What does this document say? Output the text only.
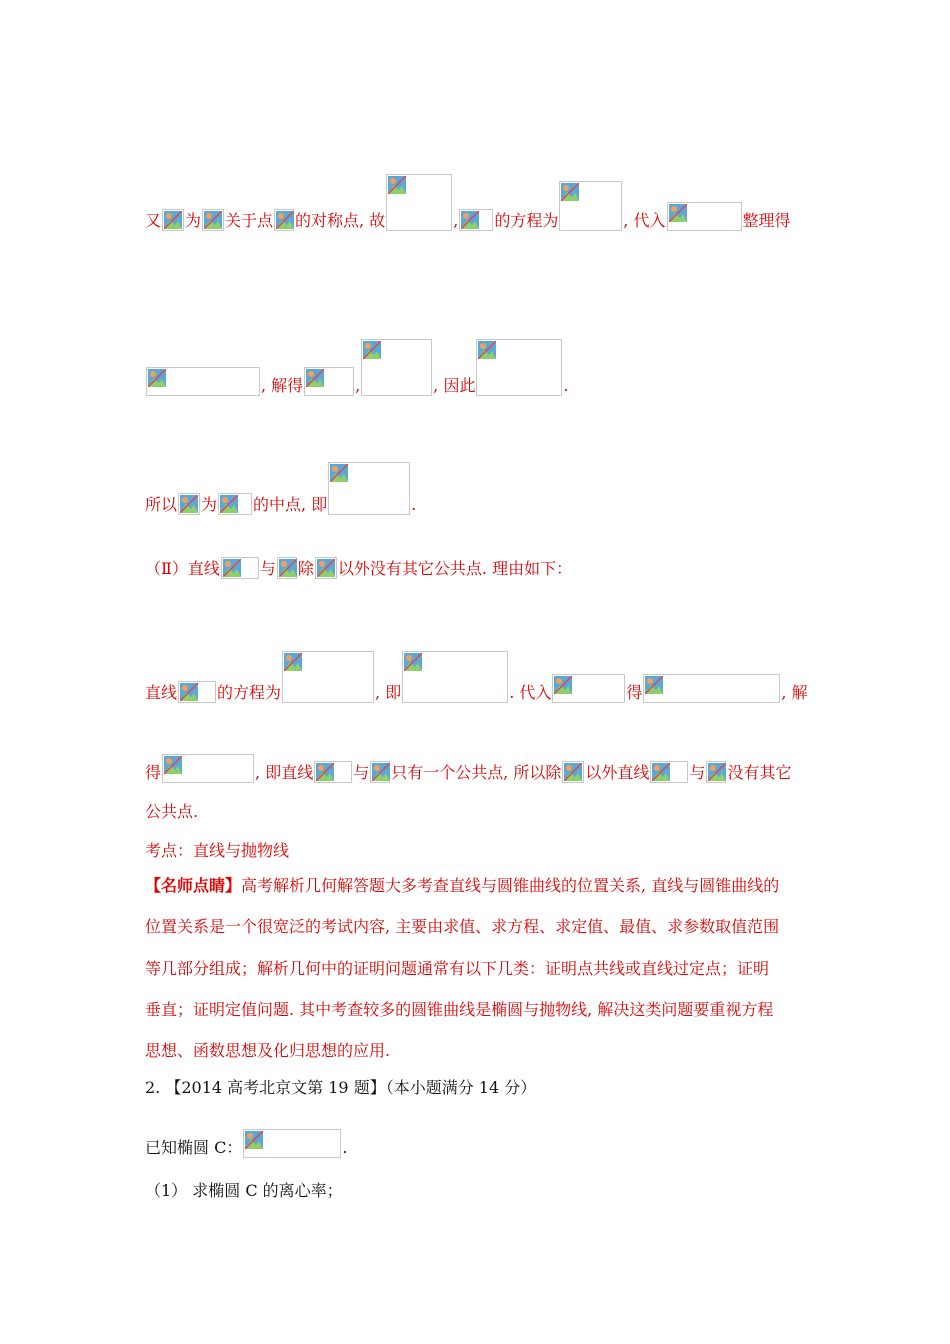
又 为 关于点 的对称点, 故	, 的方程为	, 代入	整理得
, 解得	,	, 因此	.
所以 为 的中点, 即	.
（Ⅱ）直线	与 除 以外没有其它公共点. 理由如下：
直线	的方程为	, 即	. 代入	得	, 解
得	, 即直线	与 只有一个公共点, 所以除 以外直线	与 没有其它
公共点.
考点：直线与抛物线
【名师点睛】高考解析几何解答题大多考查直线与圆锥曲线的位置关系, 直线与圆锥曲线的
位置关系是一个很宽泛的考试内容, 主要由求值、求方程、求定值、最值、求参数取值范围
等几部分组成；解析几何中的证明问题通常有以下几类：证明点共线或直线过定点；证明
垂直；证明定值问题. 其中考查较多的圆锥曲线是椭圆与抛物线, 解决这类问题要重视方程
思想、函数思想及化归思想的应用.
2. 【2014 高考北京文第 19 题】（本小题满分 14 分）
已知椭圆 C：	.
（1） 求椭圆 C 的离心率；
